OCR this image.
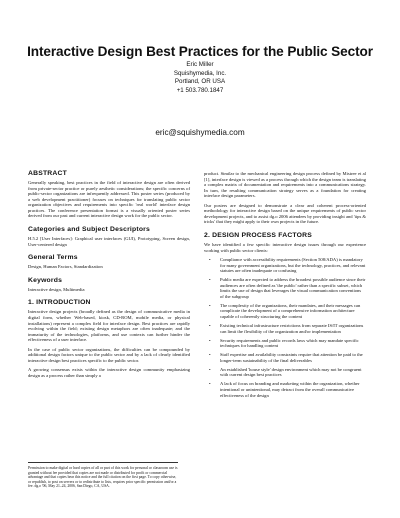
Interactive Design Best Practices for the Public Sector
Eric Miller
Squishymedia, Inc.
Portland, OR USA
+1 503.780.1847
eric@squishymedia.com
ABSTRACT

Generally speaking, best practices in the field of interactive design are often derived from private-sector practice or purely aesthetic considerations; the specific concerns of public-sector organizations are infrequently addressed. This poster series (produced by a web development practitioner) focuses on techniques for translating public sector organization objectives and requirements into specific 'real world' interface design practices. The conference presentation format is a visually oriented poster series derived from our past and current interactive design work for the public sector.

Categories and Subject Descriptors

H.5.2 [User Interfaces]: Graphical user interfaces (GUI), Prototyping, Screen design, User-centered design

General Terms

Design, Human Factors, Standardization

Keywords

Interactive design, Multimedia

1. INTRODUCTION

Interactive design projects (broadly defined as the design of communicative media in digital form, whether Web-based, kiosk, CD-ROM, mobile media, or physical installations) represent a complex field for interface design. Best practices are rapidly evolving within the field; existing design metaphors are often inadequate; and the immaturity of the technologies, platforms, and use contexts can further hinder the effectiveness of a user interface.

In the case of public sector organizations, the difficulties can be compounded by additional design factors unique to the public sector and by a lack of clearly identified interactive design best practices specific to the public sector.

A growing consensus exists within the interactive design community emphasizing design as a process rather than simply a

Permission to make digital or hard copies of all or part of this work for personal or classroom use is granted without fee provided that copies are not made or distributed for profit or commercial advantage and that copies bear this notice and the full citation on the first page. To copy otherwise, or republish, to post on servers or to redistribute to lists, requires prior specific permission and/or a fee. dg.o '06, May 21–24, 2006, San Diego, CA, USA.

product. Similar to the mechanical engineering design process defined by Mistree et al [1], interface design is viewed as a process through which the design team is translating a complex matrix of documentation and requirements into a communications strategy. In turn, the resulting communication strategy serves as a foundation for creating interface design parameters.

Our posters are designed to demonstrate a clear and coherent process-oriented methodology for interactive design based on the unique requirements of public sector development projects, and to assist dg.o 2006 attendees by providing insight and 'tips & tricks' that they might apply to their own projects in the future.

2. DESIGN PROCESS FACTORS

We have identified a few specific interactive design issues through our experience working with public sector clients:

• Compliance with accessibility requirements (Section 508/ADA) is mandatory for many government organizations, but the technology, practices, and relevant statutes are often inadequate or confusing
• Public media are expected to address the broadest possible audience since their audiences are often defined as 'the public' rather than a specific subset, which limits the use of design that leverages the visual communication conventions of the subgroup
• The complexity of the organizations, their mandates, and their messages can complicate the development of a comprehensive information architecture capable of coherently structuring the content
• Existing technical infrastructure restrictions from separate IS/IT organizations can limit the flexibility of the organization and/or implementation
• Security requirements and public records laws which may mandate specific techniques for handling content
• Staff expertise and availability constraints require that attention be paid to the longer-term sustainability of the final deliverables
• An established 'house style' design environment which may not be congruent with current design best practices
• A lack of focus on branding and marketing within the organization, whether intentional or unintentional, may detract from the overall communicative effectiveness of the design
